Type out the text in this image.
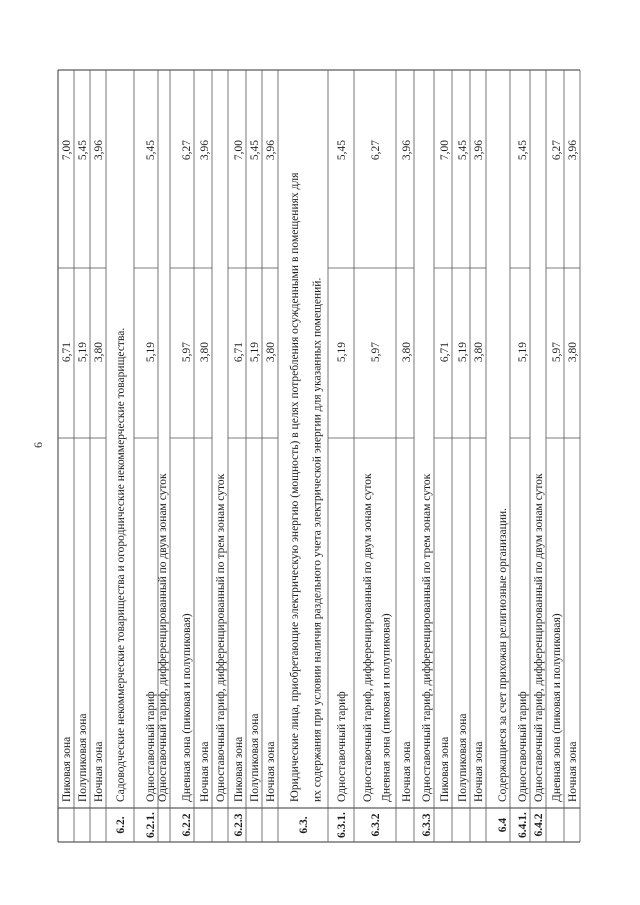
6
Пиковая зона
6,71
7,00
Полупиковая зона
5,19
5,45
Ночная зона
3,80
3,96
6.2.
Садоводческие некоммерческие товарищества и огороднические некоммерческие товарищества.
6.2.1.
Одноставочный тариф
5,19
5,45
Одноставочный тариф, дифференцированный по двум зонам суток
6.2.2
Дневная зона (пиковая и полупиковая)
5,97
6,27
Ночная зона
3,80
3,96
Одноставочный тариф, дифференцированный по трем зонам суток
6.2.3
Пиковая зона
6,71
7,00
Полупиковая зона
5,19
5,45
Ночная зона
3,80
3,96
6.3.
Юридические лица, приобретающие электрическую энергию (мощность) в целях потребления осужденными в помещениях для их содержания при условии наличия раздельного учета электрической энергии для указанных помещений.
6.3.1.
Одноставочный тариф
5,19
5,45
6.3.2
Одноставочный тариф, дифференцированный по двум зонам суток Дневная зона (пиковая и полупиковая)
5,97
6,27
Ночная зона
3,80
3,96
6.3.3
Одноставочный тариф, дифференцированный по трем зонам суток Пиковая зона
6,71
7,00
Полупиковая зона
5,19
5,45
Ночная зона
3,80
3,96
6.4
Содержащиеся за счет прихожан религиозные организации.
6.4.1.
Одноставочный тариф
5,19
5,45
6.4.2
Одноставочный тариф, дифференцированный по двум зонам суток Дневная зона (пиковая и полупиковая)
5,97
6,27
Ночная зона
3,80
3,96
